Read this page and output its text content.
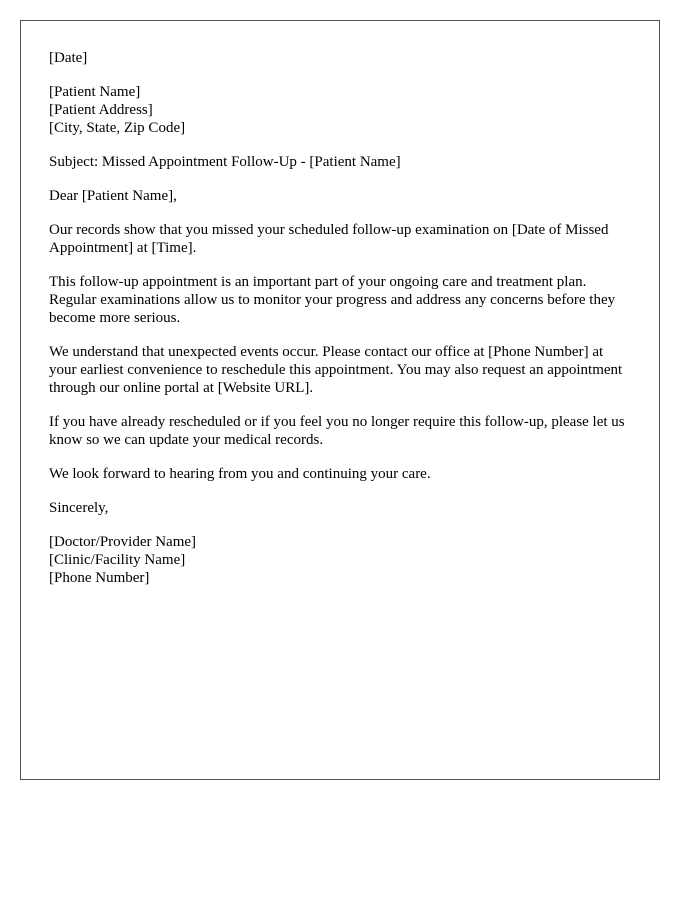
[Date]
[Patient Name]
[Patient Address]
[City, State, Zip Code]
Subject: Missed Appointment Follow-Up - [Patient Name]
Dear [Patient Name],
Our records show that you missed your scheduled follow-up examination on [Date of Missed Appointment] at [Time].
This follow-up appointment is an important part of your ongoing care and treatment plan. Regular examinations allow us to monitor your progress and address any concerns before they become more serious.
We understand that unexpected events occur. Please contact our office at [Phone Number] at your earliest convenience to reschedule this appointment. You may also request an appointment through our online portal at [Website URL].
If you have already rescheduled or if you feel you no longer require this follow-up, please let us know so we can update your medical records.
We look forward to hearing from you and continuing your care.
Sincerely,
[Doctor/Provider Name]
[Clinic/Facility Name]
[Phone Number]
